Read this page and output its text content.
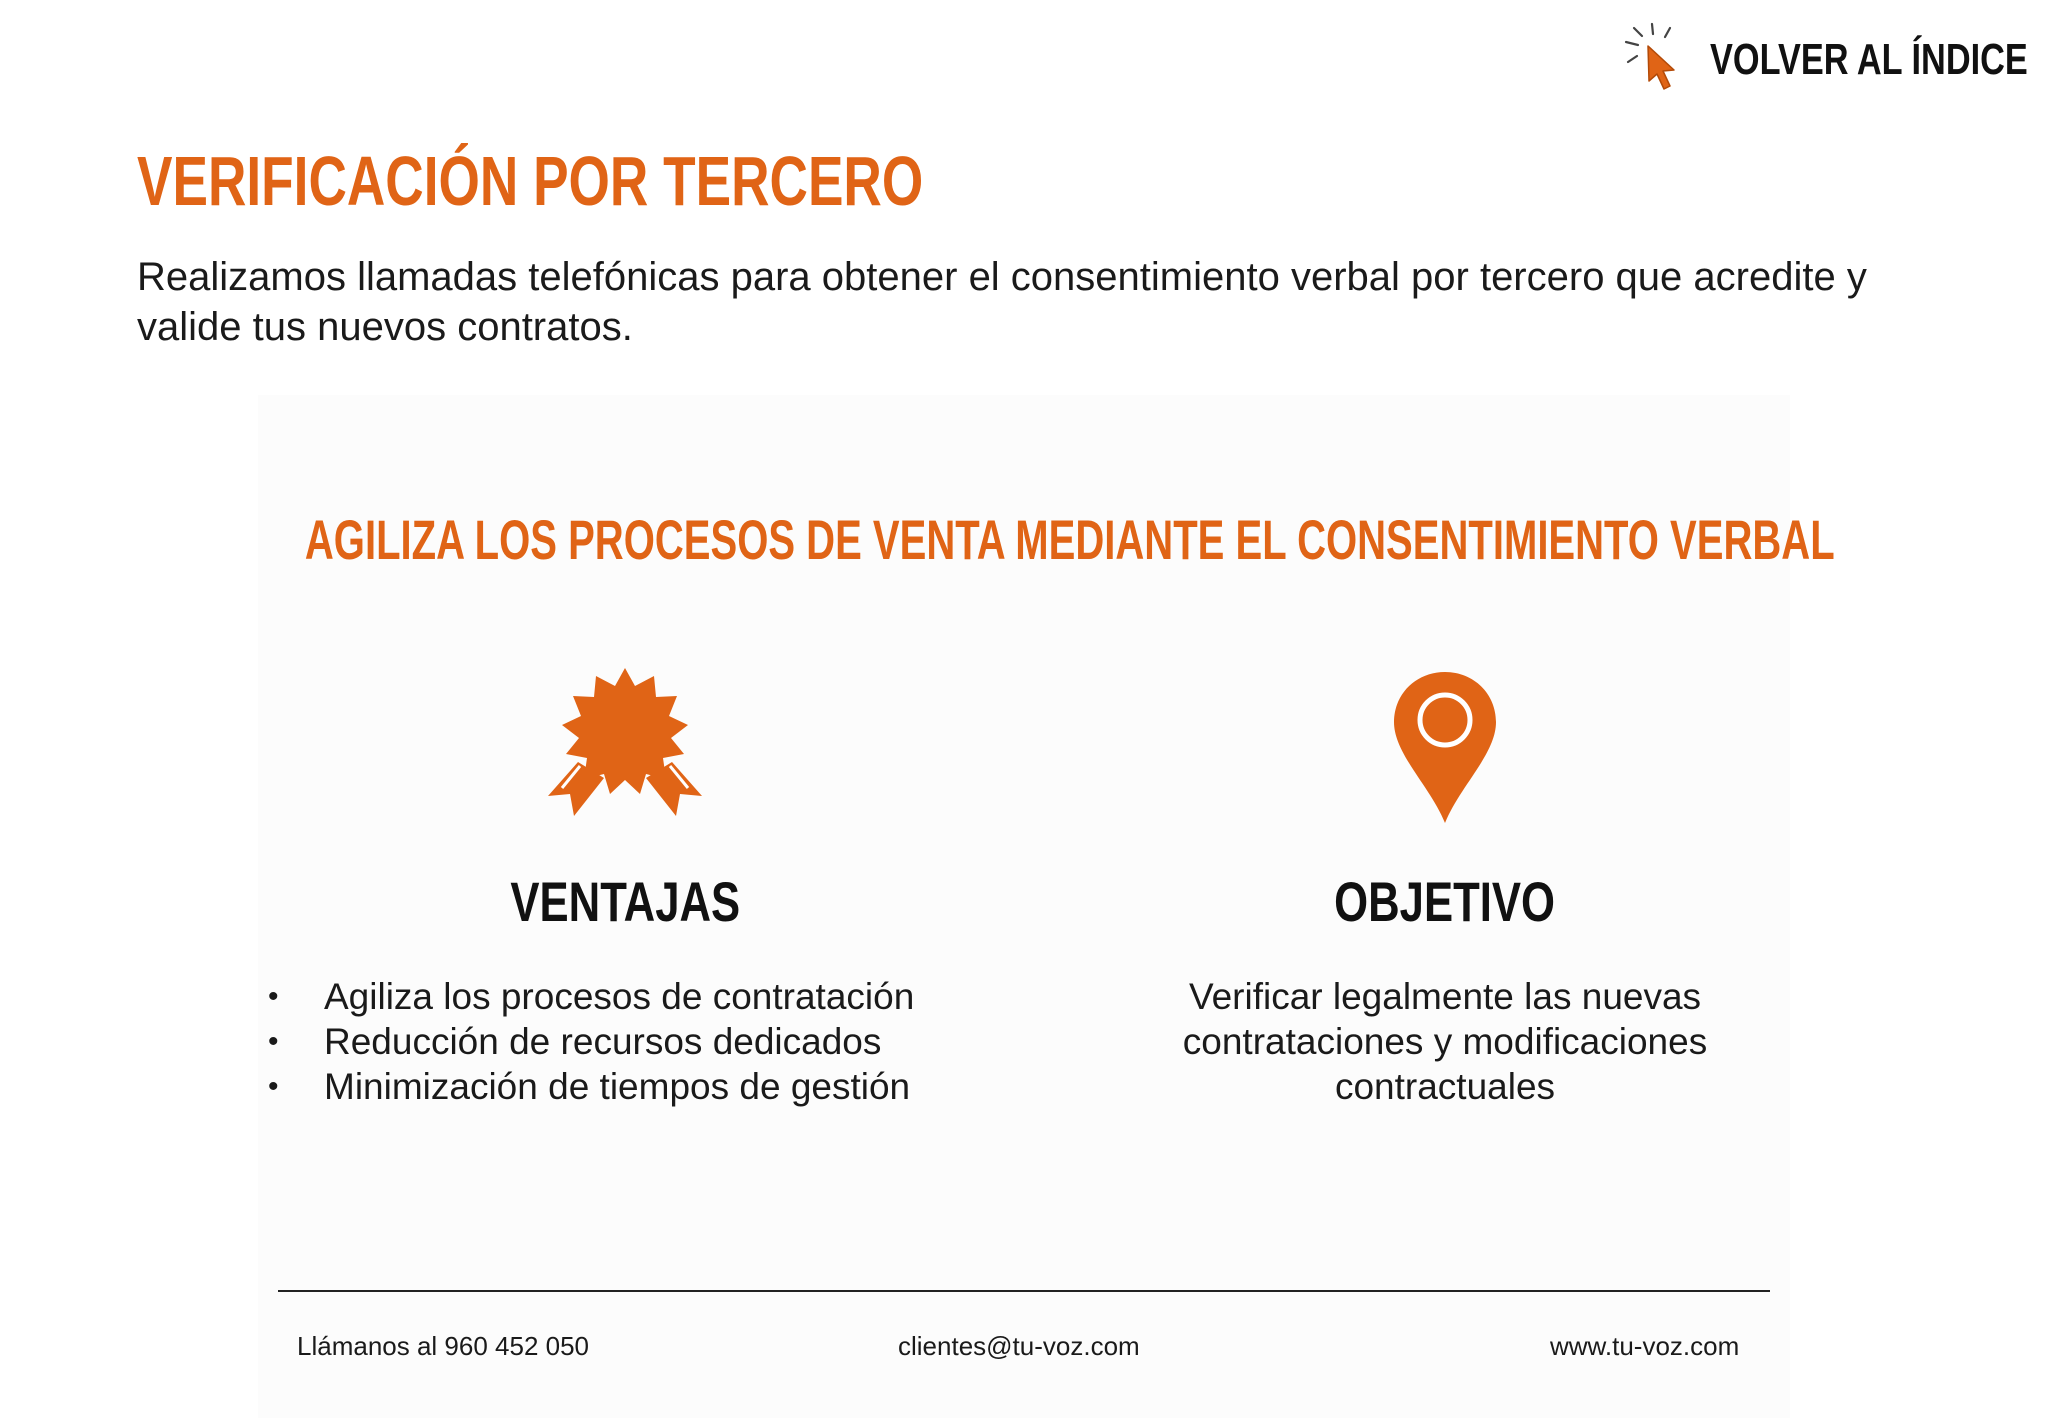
VOLVER AL ÍNDICE
VERIFICACIÓN POR TERCERO

Realizamos llamadas telefónicas para obtener el consentimiento verbal por tercero que acredite y valide tus nuevos contratos.

AGILIZA LOS PROCESOS DE VENTA MEDIANTE EL CONSENTIMIENTO VERBAL
VENTAJAS	OBJETIVO
• Agiliza los procesos de contratación
• Reducción de recursos dedicados
• Minimización de tiempos de gestión

Verificar legalmente las nuevas contrataciones y modificaciones contractuales

Llámanos al 960 452 050	clientes@tu-voz.com	www.tu-voz.com
